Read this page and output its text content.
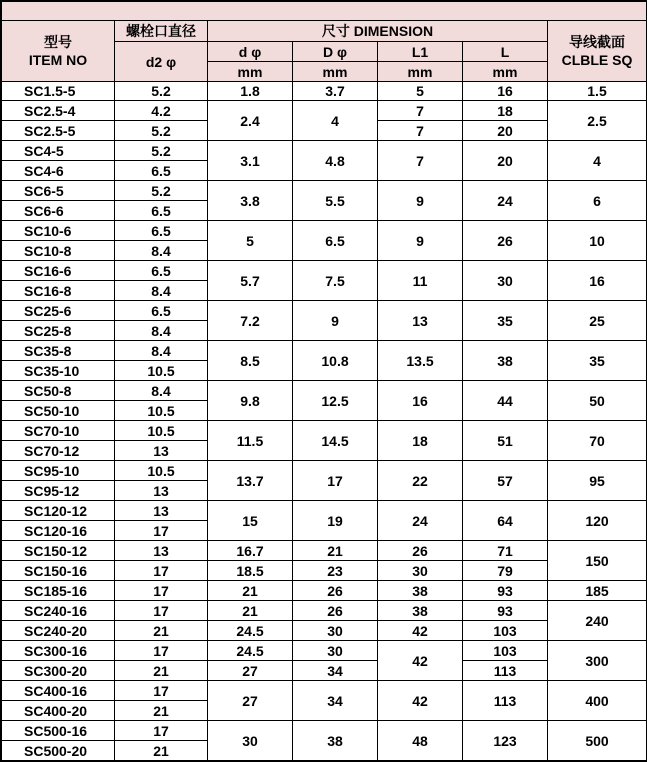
型号
ITEM NO	螺栓口直径	尺寸 DIMENSION				导线截面
CLBLE SQ

	d2 φ	d φ	D φ	L1	L	
		mm	mm	mm	mm	
SC1.5-5	5.2	1.8	3.7	5	16	1.5
SC2.5-4	4.2	2.4	4	7	18	2.5
SC2.5-5	5.2			7	20	
SC4-5	5.2	3.1	4.8	7	20	4
SC4-6	6.5					
SC6-5	5.2	3.8	5.5	9	24	6
SC6-6	6.5					
SC10-6	6.5	5	6.5	9	26	10
SC10-8	8.4					
SC16-6	6.5	5.7	7.5	11	30	16
SC16-8	8.4					
SC25-6	6.5	7.2	9	13	35	25
SC25-8	8.4					
SC35-8	8.4	8.5	10.8	13.5	38	35
SC35-10	10.5					
SC50-8	8.4	9.8	12.5	16	44	50
SC50-10	10.5					
SC70-10	10.5	11.5	14.5	18	51	70
SC70-12	13					
SC95-10	10.5	13.7	17	22	57	95
SC95-12	13					
SC120-12	13	15	19	24	64	120
SC120-16	17					
SC150-12	13	16.7	21	26	71	150
SC150-16	17	18.5	23	30	79	
SC185-16	17	21	26	38	93	185
SC240-16	17	21	26	38	93	240
SC240-20	21	24.5	30	42	103	
SC300-16	17	24.5	30	42	103	300
SC300-20	21	27	34		113	
SC400-16	17	27	34	42	113	400
SC400-20	21					
SC500-16	17	30	38	48	123	500
SC500-20	21					
